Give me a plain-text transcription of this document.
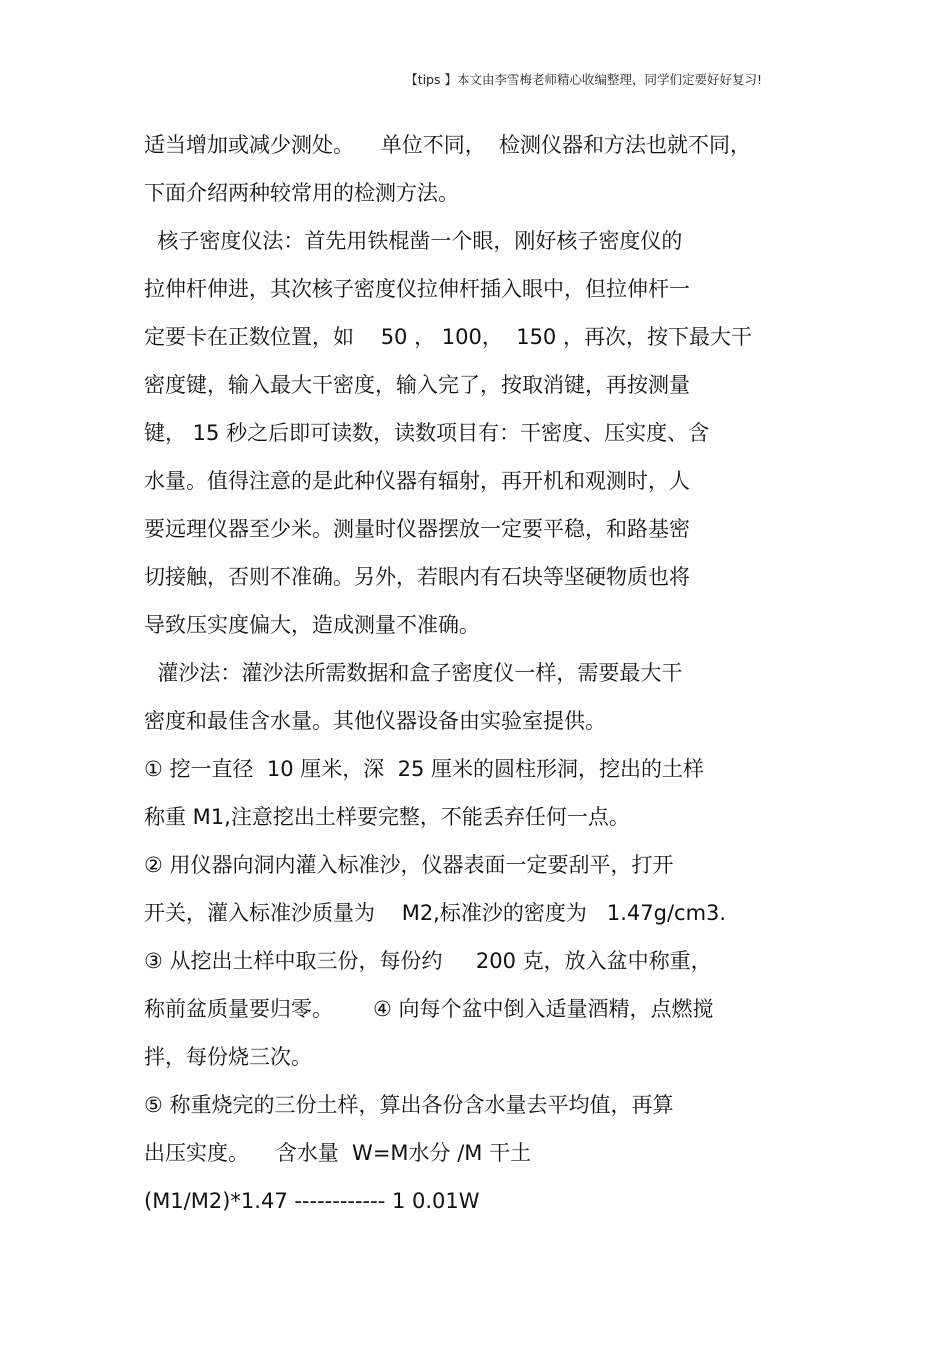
【tips 】本文由李雪梅老师精心收编整理，同学们定要好好复习!
适当增加或减少测处。    单位不同，  检测仪器和方法也就不同，
下面介绍两种较常用的检测方法。
核子密度仪法：首先用铁棍凿一个眼，刚好核子密度仪的
拉伸杆伸进，其次核子密度仪拉伸杆插入眼中，但拉伸杆一
定要卡在正数位置，如    50 ， 100，  150 ，再次，按下最大干
密度键，输入最大干密度，输入完了，按取消键，再按测量
键， 15 秒之后即可读数，读数项目有：干密度、压实度、含
水量。值得注意的是此种仪器有辐射，再开机和观测时，人
要远理仪器至少米。测量时仪器摆放一定要平稳，和路基密
切接触，否则不准确。另外，若眼内有石块等坚硬物质也将
导致压实度偏大，造成测量不准确。
灌沙法：灌沙法所需数据和盒子密度仪一样，需要最大干
密度和最佳含水量。其他仪器设备由实验室提供。
① 挖一直径  10 厘米，深  25 厘米的圆柱形洞，挖出的土样
称重 M1,注意挖出土样要完整，不能丢弃任何一点。
② 用仪器向洞内灌入标准沙，仪器表面一定要刮平，打开
开关，灌入标准沙质量为    M2,标准沙的密度为   1.47g/cm3.
③ 从挖出土样中取三份，每份约     200 克，放入盆中称重，
称前盆质量要归零。      ④ 向每个盆中倒入适量酒精，点燃搅
拌，每份烧三次。
⑤ 称重烧完的三份土样，算出各份含水量去平均值，再算
出压实度。    含水量  W=M水分 /M 干土
(M1/M2)*1.47 ------------ 1 0.01W
